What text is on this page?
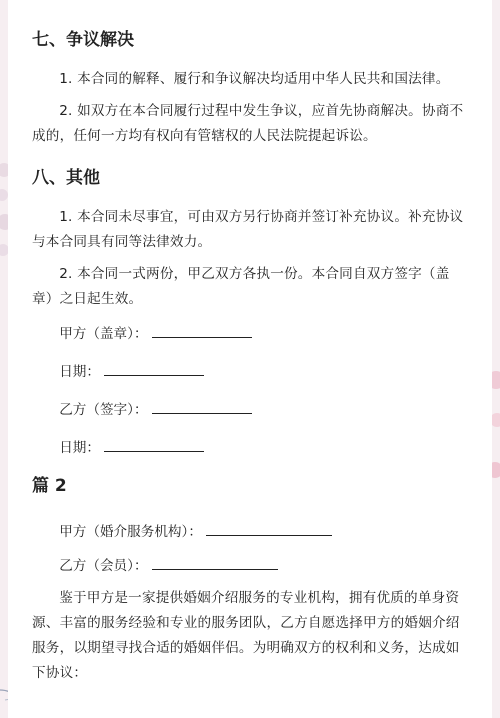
七、争议解决

1. 本合同的解释、履行和争议解决均适用中华人民共和国法律。

2. 如双方在本合同履行过程中发生争议，应首先协商解决。协商不成的，任何一方均有权向有管辖权的人民法院提起诉讼。

八、其他

1. 本合同未尽事宜，可由双方另行协商并签订补充协议。补充协议与本合同具有同等法律效力。

2. 本合同一式两份，甲乙双方各执一份。本合同自双方签字（盖章）之日起生效。

甲方（盖章）：
日期：
乙方（签字）：
日期：
篇 2
甲方（婚介服务机构）：
乙方（会员）：

鉴于甲方是一家提供婚姻介绍服务的专业机构，拥有优质的单身资源、丰富的服务经验和专业的服务团队，乙方自愿选择甲方的婚姻介绍服务，以期望寻找合适的婚姻伴侣。为明确双方的权利和义务，达成如下协议：
